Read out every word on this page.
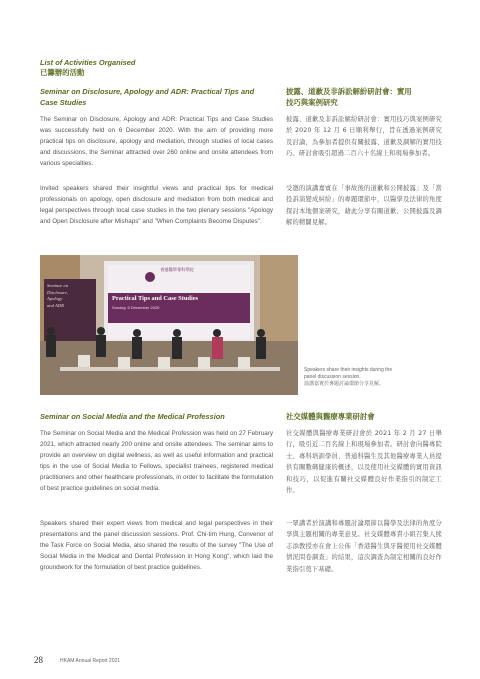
List of Activities Organised
已籌辦的活動
Seminar on Disclosure, Apology and ADR: Practical Tips and
Case Studies
披露、道歉及非訴訟解紛研討會：實用
技巧與案例研究
The Seminar on Disclosure, Apology and ADR: Practical Tips and Case Studies was successfully held on 6 December 2020. With the aim of providing more practical tips on disclosure, apology and mediation, through studies of local cases and discussions, the Seminar attracted over 260 online and onsite attendees from various specialties.
Invited speakers shared their insightful views and practical tips for medical professionals on apology, open disclosure and mediation from both medical and legal perspectives through local case studies in the two plenary sessions "Apology and Open Disclosure after Mishaps" and "When Complaints Become Disputes".
披露、道歉及非訴訟解紛研討會：實用技巧與案例研究於 2020 年 12 月 6 日順利舉行，旨在透過案例研究及討論，為參加者提供有關披露、道歉及調解的實用技巧。研討會吸引超過二百六十名線上和現場參加者。
受邀的演講嘉賓在「事故後的道歉和公開披露」及「當投訴演變成糾紛」的專題環節中，以醫學及法律的角度探討本地個案研究，藉此分享有關道歉、公開披露及調解的精闢見解。
香港醫學專科學院
Practical Tips and Case Studies
Sunday, 6 December 2020
Seminar on
Disclosure,
Apology
and ADR
Speakers share their insights during the
panel discussion session.
演講嘉賓於專題討論環節分享見解。
Seminar on Social Media and the Medical Profession	社交媒體與醫療專業研討會
The Seminar on Social Media and the Medical Profession was held on 27 February 2021, which attracted nearly 200 online and onsite attendees. The seminar aims to provide an overview on digital wellness, as well as useful information and practical tips in the use of Social Media to Fellows, specialist trainees, registered medical practitioners and other healthcare professionals, in order to facilitate the formulation of best practice guidelines on social media.
Speakers shared their expert views from medical and legal perspectives in their presentations and the panel discussion sessions. Prof. Chi-tim Hung, Convenor of the Task Force on Social Media, also shared the results of the survey "The Use of Social Media in the Medical and Dental Profession in Hong Kong", which laid the groundwork for the formulation of best practice guidelines.
社交媒體與醫療專業研討會於 2021 年 2 月 27 日舉行，吸引近二百名線上和現場參加者。研討會向醫專院士、專科培訓學員、普通科醫生及其他醫療專業人員提供有關數碼健康的概述，以及使用社交媒體的實用資訊和技巧，以促進有關社交媒體良好作業指引的制定工作。
一眾講者於演講和專題討論環節以醫學及法律的角度分享與主題相關的專業意見。社交媒體專責小組召集人熊志添教授亦在會上公佈「香港醫生與牙醫使用社交媒體情況問卷調查」的結果，這次調查為制定相關的良好作業指引奠下基礎。
28	HKAM Annual Report 2021
